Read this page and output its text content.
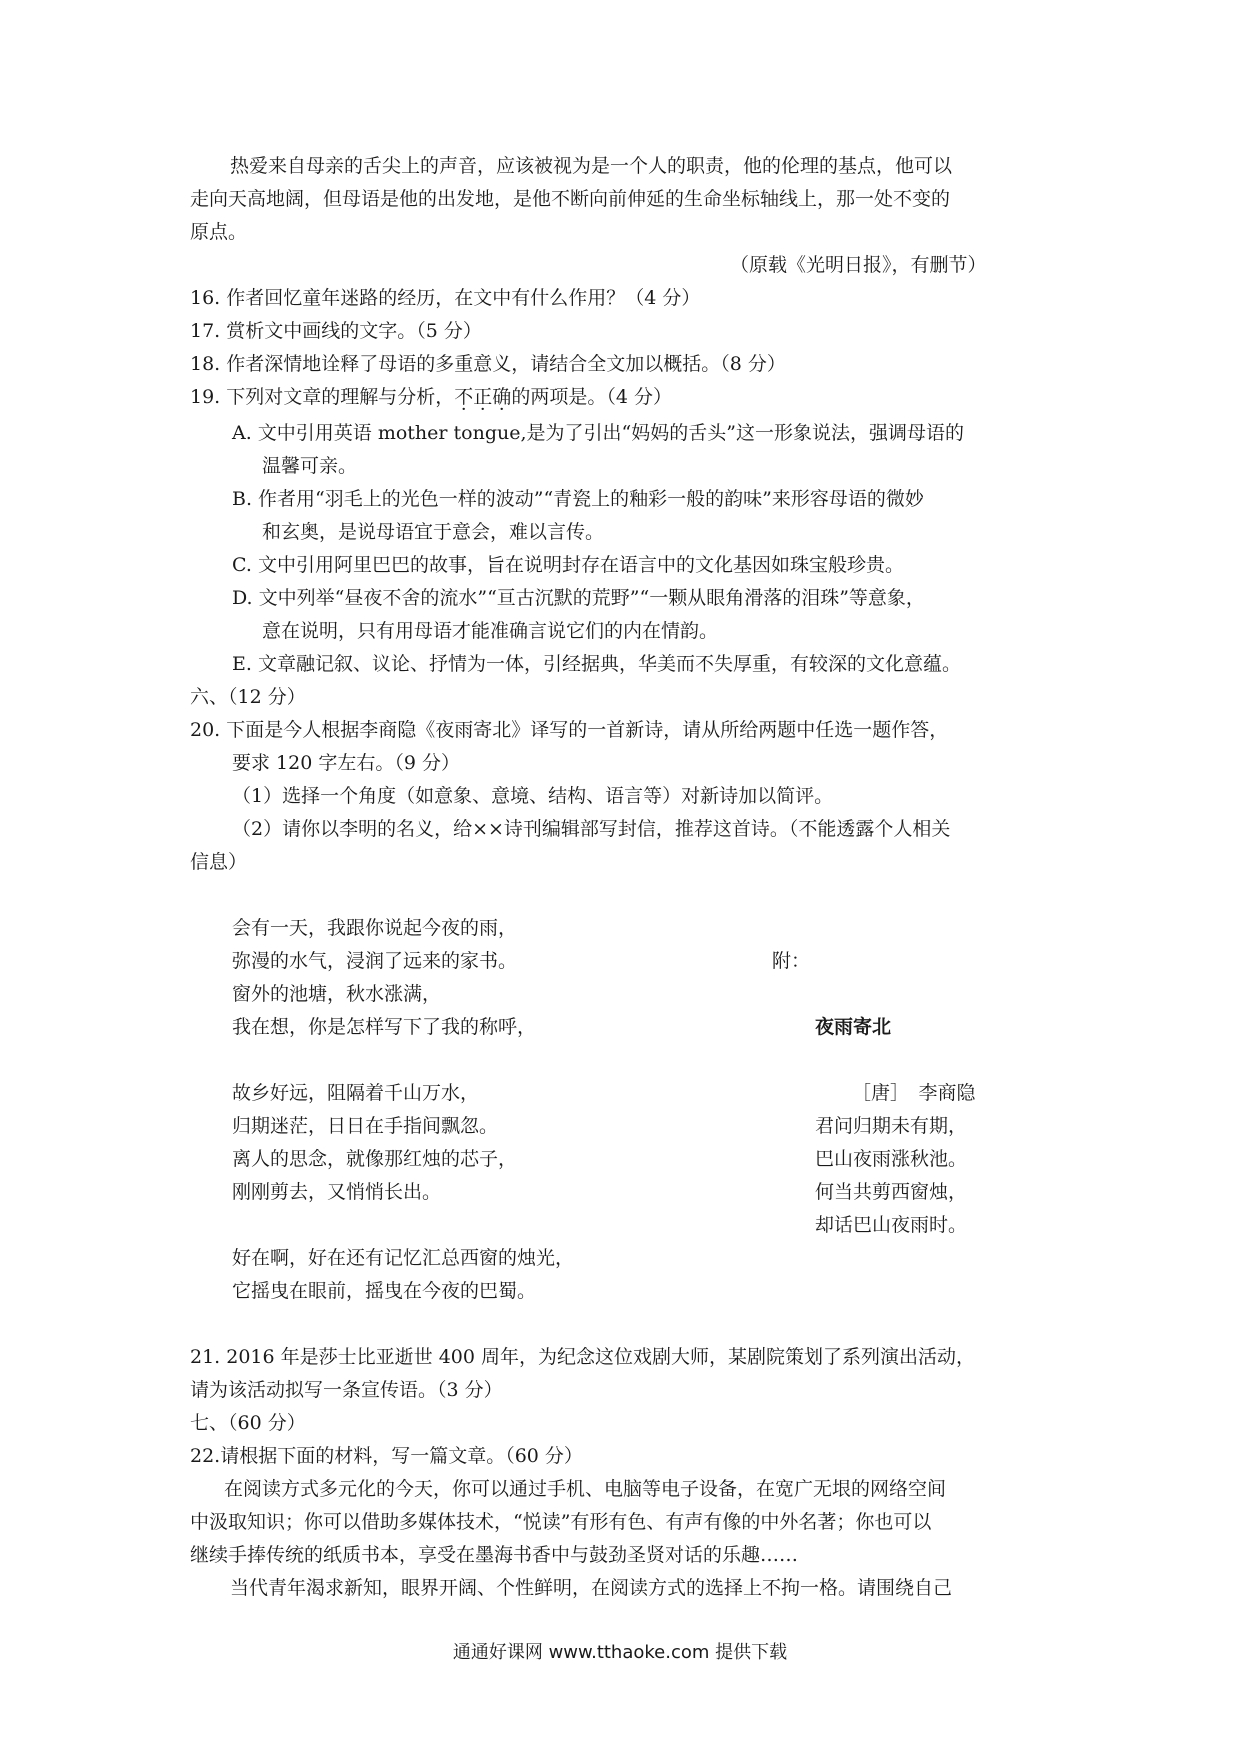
热爱来自母亲的舌尖上的声音，应该被视为是一个人的职责，他的伦理的基点，他可以
走向天高地阔，但母语是他的出发地，是他不断向前伸延的生命坐标轴线上，那一处不变的
原点。
（原载《光明日报》，有删节）
16. 作者回忆童年迷路的经历，在文中有什么作用？（4 分）
17. 赏析文中画线的文字。（5 分）
18. 作者深情地诠释了母语的多重意义，请结合全文加以概括。（8 分）
19. 下列对文章的理解与分析，不正确的两项是。（4 分）
A. 文中引用英语 mother tongue,是为了引出“妈妈的舌头”这一形象说法，强调母语的
温馨可亲。
B. 作者用“羽毛上的光色一样的波动”“青瓷上的釉彩一般的韵味”来形容母语的微妙
和玄奥，是说母语宜于意会，难以言传。
C. 文中引用阿里巴巴的故事，旨在说明封存在语言中的文化基因如珠宝般珍贵。
D. 文中列举“昼夜不舍的流水”“亘古沉默的荒野”“一颗从眼角滑落的泪珠”等意象，
意在说明，只有用母语才能准确言说它们的内在情韵。
E. 文章融记叙、议论、抒情为一体，引经据典，华美而不失厚重，有较深的文化意蕴。
六、（12 分）
20. 下面是今人根据李商隐《夜雨寄北》译写的一首新诗，请从所给两题中任选一题作答，
要求 120 字左右。（9 分）
（1）选择一个角度（如意象、意境、结构、语言等）对新诗加以简评。
（2）请你以李明的名义，给××诗刊编辑部写封信，推荐这首诗。（不能透露个人相关
信息）
会有一天，我跟你说起今夜的雨，
弥漫的水气，浸润了远来的家书。
窗外的池塘，秋水涨满，
我在想，你是怎样写下了我的称呼，
故乡好远，阻隔着千山万水，
归期迷茫，日日在手指间飘忽。
离人的思念，就像那红烛的芯子，
刚刚剪去，又悄悄长出。
好在啊，好在还有记忆汇总西窗的烛光，
它摇曳在眼前，摇曳在今夜的巴蜀。
附：
夜雨寄北
［唐］　李商隐
君问归期未有期，
巴山夜雨涨秋池。
何当共剪西窗烛，
却话巴山夜雨时。
21. 2016 年是莎士比亚逝世 400 周年，为纪念这位戏剧大师，某剧院策划了系列演出活动，
请为该活动拟写一条宣传语。（3 分）
七、（60 分）
22.请根据下面的材料，写一篇文章。（60 分）
在阅读方式多元化的今天，你可以通过手机、电脑等电子设备，在宽广无垠的网络空间
中汲取知识；你可以借助多媒体技术，“悦读”有形有色、有声有像的中外名著；你也可以
继续手捧传统的纸质书本，享受在墨海书香中与鼓劲圣贤对话的乐趣……
当代青年渴求新知，眼界开阔、个性鲜明，在阅读方式的选择上不拘一格。请围绕自己
通通好课网 www.tthaoke.com 提供下载
